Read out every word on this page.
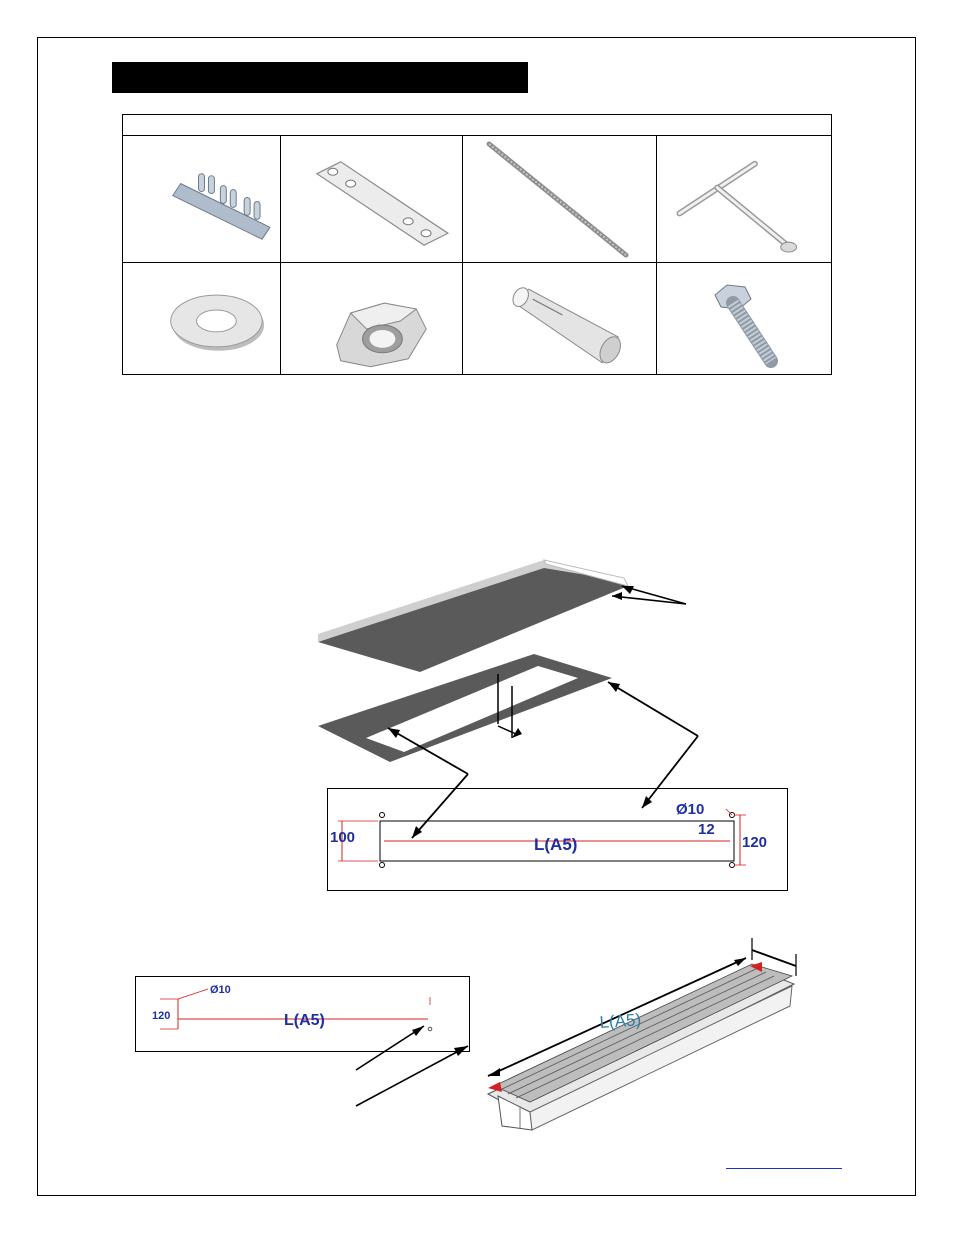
L(A5)
100	120
Ø10
12
L(A5)
120
Ø10
L(A5)
